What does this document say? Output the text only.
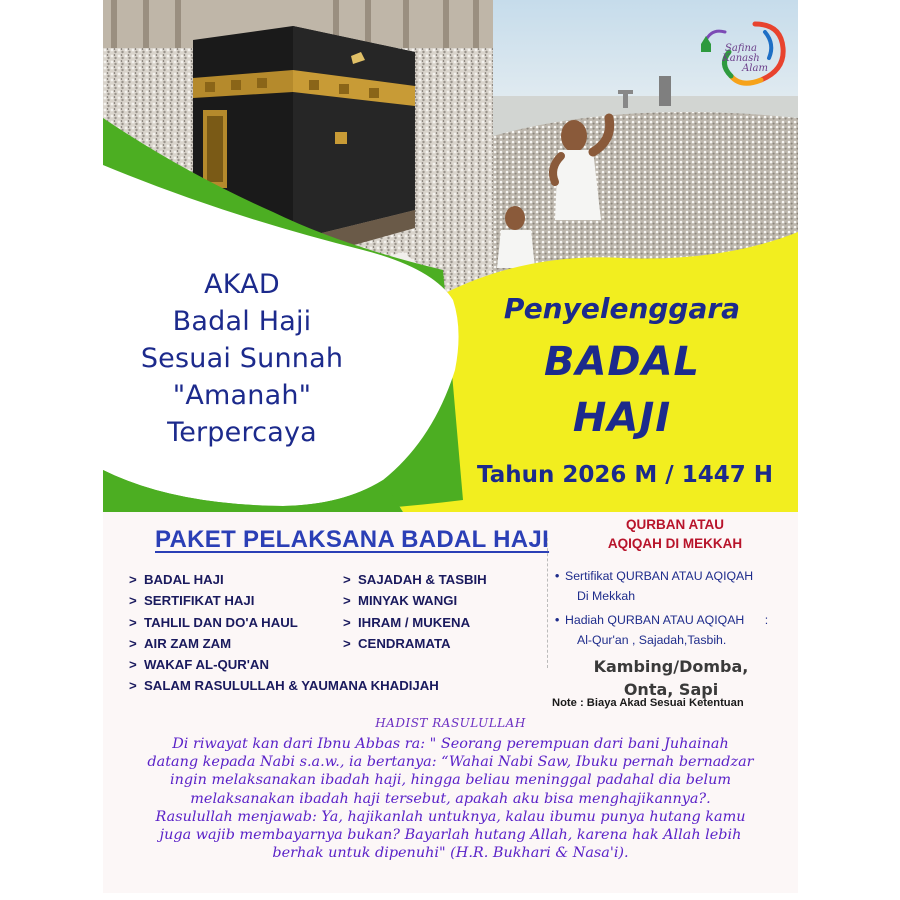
Safina
Kanash
Alam
AKAD
Badal Haji
Sesuai Sunnah
"Amanah"
Terpercaya
Penyelenggara
BADAL
HAJI
Tahun 2026 M / 1447 H
PAKET PELAKSANA BADAL HAJI
> BADAL HAJI
> SERTIFIKAT HAJI
> TAHLIL DAN DO'A HAUL
> AIR ZAM ZAM
> WAKAF AL-QUR'AN
> SALAM RASULULLAH & YAUMANA KHADIJAH
> SAJADAH & TASBIH
> MINYAK WANGI
> IHRAM / MUKENA
> CENDRAMATA
QURBAN ATAU
AQIQAH DI MEKKAH
• Sertifikat QURBAN ATAU AQIQAH
Di Mekkah
• Hadiah QURBAN ATAU AQIQAH      :
Al-Qur'an , Sajadah,Tasbih.
Kambing/Domba,
Onta, Sapi
Note : Biaya Akad Sesuai Ketentuan
HADIST RASULULLAH
Di riwayat kan dari Ibnu Abbas ra: " Seorang perempuan dari bani Juhainah
datang kepada Nabi s.a.w., ia bertanya: “Wahai Nabi Saw, Ibuku pernah bernadzar
ingin melaksanakan ibadah haji, hingga beliau meninggal padahal dia belum
melaksanakan ibadah haji tersebut, apakah aku bisa menghajikannya?.
Rasulullah menjawab: Ya, hajikanlah untuknya, kalau ibumu punya hutang kamu
juga wajib membayarnya bukan? Bayarlah hutang Allah, karena hak Allah lebih
berhak untuk dipenuhi" (H.R. Bukhari & Nasa'i).
